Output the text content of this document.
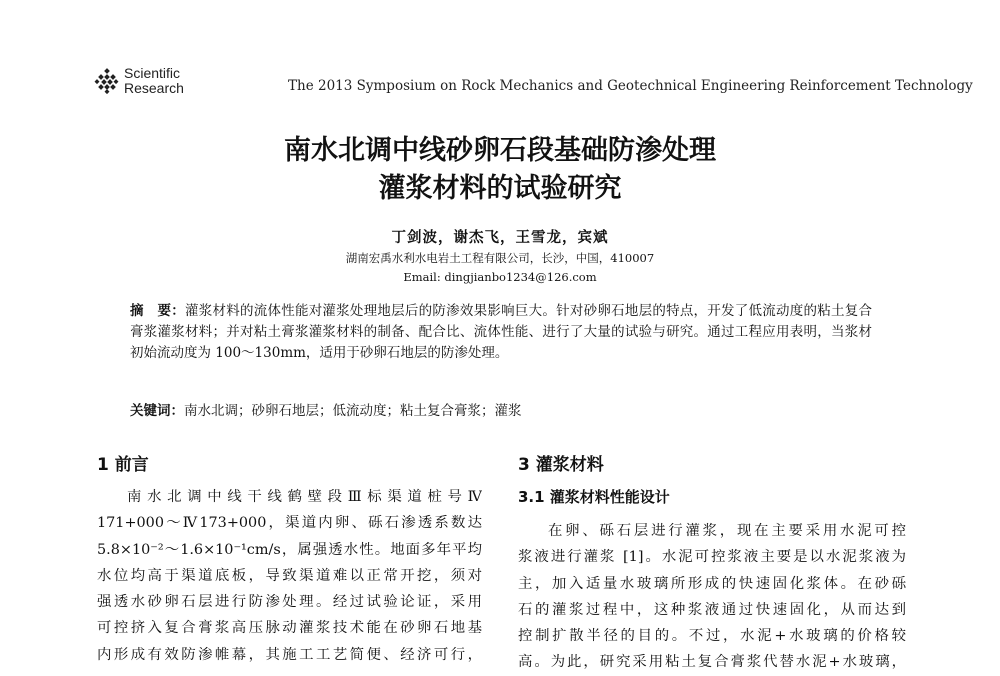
Scientific
Research	The 2013 Symposium on Rock Mechanics and Geotechnical Engineering Reinforcement Technology
南水北调中线砂卵石段基础防渗处理
灌浆材料的试验研究
丁剑波，谢杰飞，王雪龙，宾斌
湖南宏禹水利水电岩土工程有限公司，长沙，中国，410007
Email: dingjianbo1234@126.com
摘　要：灌浆材料的流体性能对灌浆处理地层后的防渗效果影响巨大。针对砂卵石地层的特点，开发了低流动度的粘土复合膏浆灌浆材料；并对粘土膏浆灌浆材料的制备、配合比、流体性能、进行了大量的试验与研究。通过工程应用表明，当浆材初始流动度为 100～130mm，适用于砂卵石地层的防渗处理。
关键词：南水北调；砂卵石地层；低流动度；粘土复合膏浆；灌浆
1 前言
南水北调中线干线鹤壁段Ⅲ标渠道桩号Ⅳ
171+000～Ⅳ173+000，渠道内卵、砾石渗透系数达
5.8×10⁻²～1.6×10⁻¹cm/s，属强透水性。地面多年平均
水位均高于渠道底板，导致渠道难以正常开挖，须对
强透水砂卵石层进行防渗处理。经过试验论证，采用
可控挤入复合膏浆高压脉动灌浆技术能在砂卵石地基
内形成有效防渗帷幕，其施工工艺简便、经济可行，
3 灌浆材料
3.1 灌浆材料性能设计
在卵、砾石层进行灌浆，现在主要采用水泥可控
浆液进行灌浆 [1]。水泥可控浆液主要是以水泥浆液为
主，加入适量水玻璃所形成的快速固化浆体。在砂砾
石的灌浆过程中，这种浆液通过快速固化，从而达到
控制扩散半径的目的。不过，水泥+水玻璃的价格较
高。为此，研究采用粘土复合膏浆代替水泥+水玻璃，
